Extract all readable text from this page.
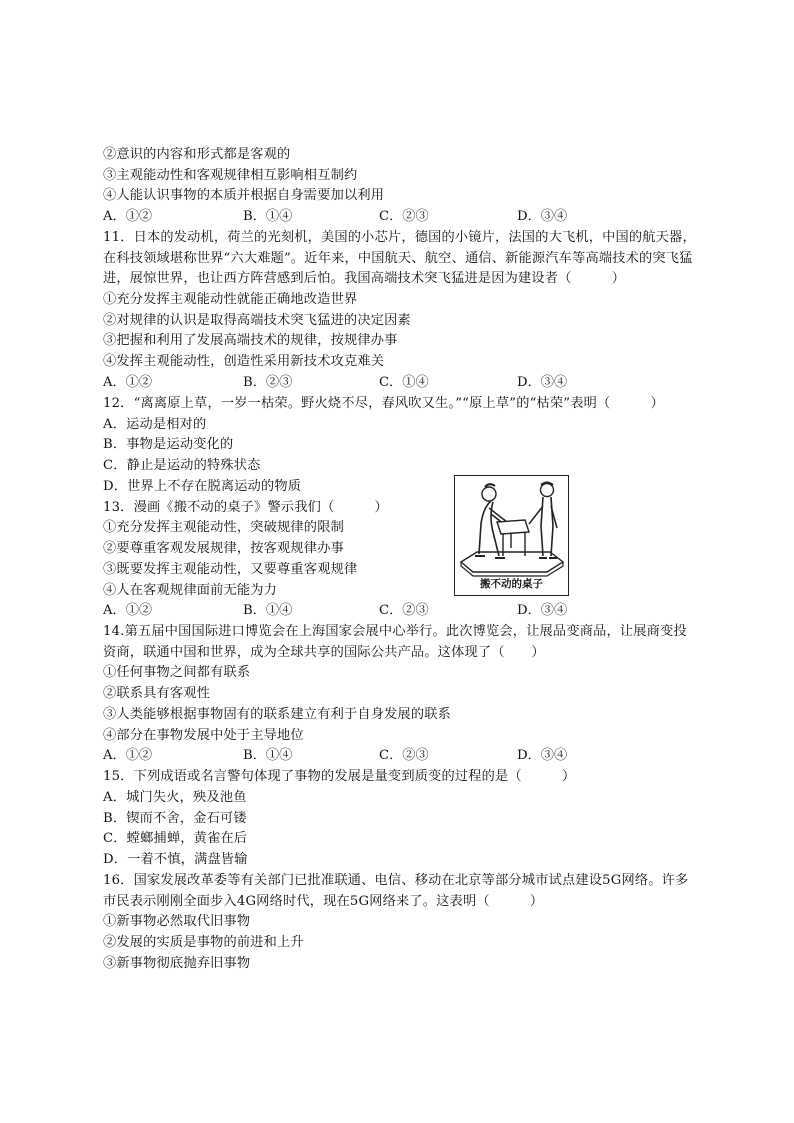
②意识的内容和形式都是客观的
③主观能动性和客观规律相互影响相互制约
④人能认识事物的本质并根据自身需要加以利用
A．①②	B．①④	C．②③	D．③④
11．日本的发动机，荷兰的光刻机，美国的小芯片，德国的小镜片，法国的大飞机，中国的航天器，在科技领域堪称世界“六大难题”。近年来，中国航天、航空、通信、新能源汽车等高端技术的突飞猛进，展惊世界，也让西方阵营感到后怕。我国高端技术突飞猛进是因为建设者（　　　）
①充分发挥主观能动性就能正确地改造世界
②对规律的认识是取得高端技术突飞猛进的决定因素
③把握和利用了发展高端技术的规律，按规律办事
④发挥主观能动性，创造性采用新技术攻克难关
A．①②	B．②③	C．①④	D．③④
12．“离离原上草，一岁一枯荣。野火烧不尽，春风吹又生。”“原上草”的“枯荣”表明（　　　）
A．运动是相对的
B．事物是运动变化的
C．静止是运动的特殊状态
D．世界上不存在脱离运动的物质
13．漫画《搬不动的桌子》警示我们（　　　）
①充分发挥主观能动性，突破规律的限制
②要尊重客观发展规律，按客观规律办事
③既要发挥主观能动性，又要尊重客观规律
④人在客观规律面前无能为力
A．①②	B．①④	C．②③	D．③④
搬不动的桌子
14.第五届中国国际进口博览会在上海国家会展中心举行。此次博览会，让展品变商品，让展商变投资商，联通中国和世界，成为全球共享的国际公共产品。这体现了（　　）
①任何事物之间都有联系
②联系具有客观性
③人类能够根据事物固有的联系建立有利于自身发展的联系
④部分在事物发展中处于主导地位
A．①②	B．①④	C．②③	D．③④
15．下列成语或名言警句体现了事物的发展是量变到质变的过程的是（　　　）
A．城门失火，殃及池鱼
B．锲而不舍，金石可镂
C．螳螂捕蝉，黄雀在后
D．一着不慎，满盘皆输
16．国家发展改革委等有关部门已批准联通、电信、移动在北京等部分城市试点建设5G网络。许多市民表示刚刚全面步入4G网络时代，现在5G网络来了。这表明（　　　）
①新事物必然取代旧事物
②发展的实质是事物的前进和上升
③新事物彻底抛弃旧事物
